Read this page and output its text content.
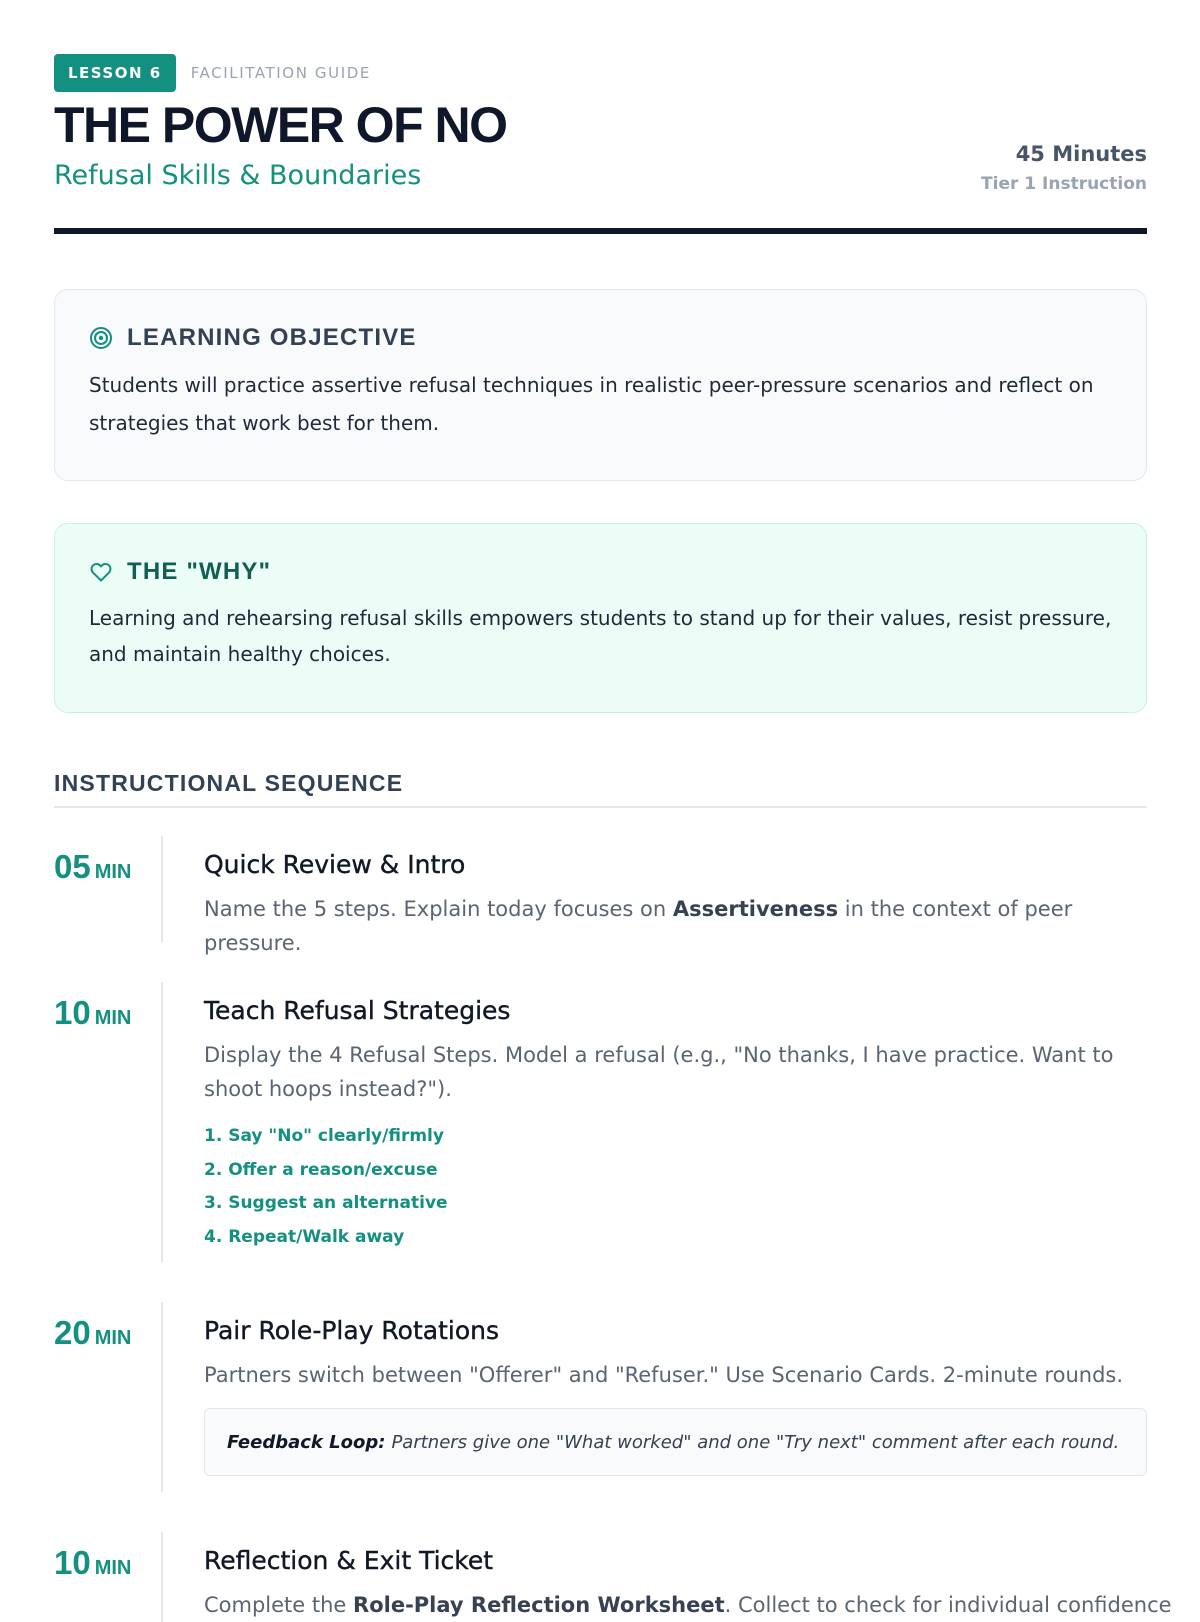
LESSON 6	FACILITATION GUIDE
THE POWER OF NO
Refusal Skills & Boundaries
45 Minutes
Tier 1 Instruction
LEARNING OBJECTIVE

Students will practice assertive refusal techniques in realistic peer-pressure scenarios and reflect on strategies that work best for them.

THE "WHY"

Learning and rehearsing refusal skills empowers students to stand up for their values, resist pressure, and maintain healthy choices.

INSTRUCTIONAL SEQUENCE
05 MIN	Quick Review & Intro

Name the 5 steps. Explain today focuses on Assertiveness in the context of peer pressure.

10 MIN	Teach Refusal Strategies

Display the 4 Refusal Steps. Model a refusal (e.g., "No thanks, I have practice. Want to shoot hoops instead?").

1. Say "No" clearly/firmly
2. Offer a reason/excuse
3. Suggest an alternative
4. Repeat/Walk away
20 MIN	Pair Role-Play Rotations

Partners switch between "Offerer" and "Refuser." Use Scenario Cards. 2-minute rounds.

Feedback Loop: Partners give one "What worked" and one "Try next" comment after each round.
10 MIN	Reflection & Exit Ticket

Complete the Role-Play Reflection Worksheet. Collect to check for individual confidence
